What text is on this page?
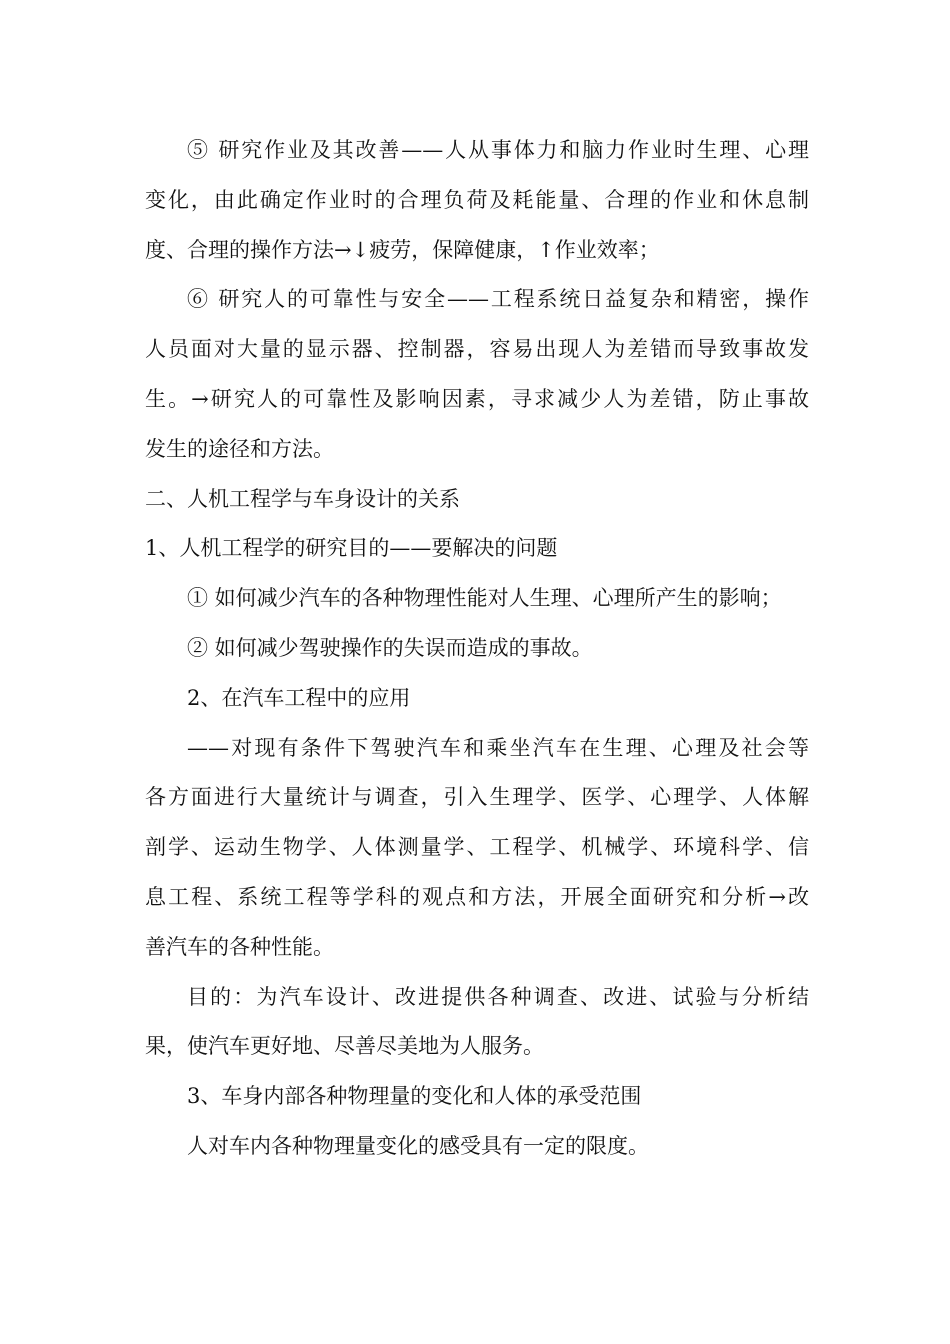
⑤ 研究作业及其改善——人从事体力和脑力作业时生理、心理
变化，由此确定作业时的合理负荷及耗能量、合理的作业和休息制
度、合理的操作方法→↓疲劳，保障健康，↑作业效率；
⑥ 研究人的可靠性与安全——工程系统日益复杂和精密，操作
人员面对大量的显示器、控制器，容易出现人为差错而导致事故发
生。→研究人的可靠性及影响因素，寻求减少人为差错，防止事故
发生的途径和方法。
二、人机工程学与车身设计的关系
1、人机工程学的研究目的——要解决的问题
① 如何减少汽车的各种物理性能对人生理、心理所产生的影响；
② 如何减少驾驶操作的失误而造成的事故。
2、在汽车工程中的应用
——对现有条件下驾驶汽车和乘坐汽车在生理、心理及社会等
各方面进行大量统计与调查，引入生理学、医学、心理学、人体解
剖学、运动生物学、人体测量学、工程学、机械学、环境科学、信
息工程、系统工程等学科的观点和方法，开展全面研究和分析→改
善汽车的各种性能。
目的：为汽车设计、改进提供各种调查、改进、试验与分析结
果，使汽车更好地、尽善尽美地为人服务。
3、车身内部各种物理量的变化和人体的承受范围
人对车内各种物理量变化的感受具有一定的限度。
